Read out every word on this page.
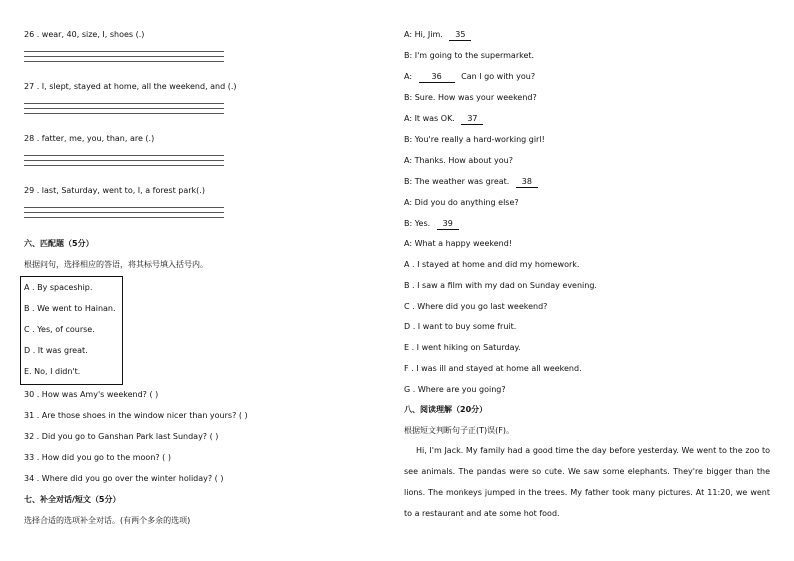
26 . wear, 40, size, I, shoes (.)
27 . I, slept, stayed at home, all the weekend, and (.)
28 . fatter, me, you, than, are (.)
29 . last, Saturday, went to, I, a forest park(.)
六、匹配题（5分）
根据问句，选择相应的答语，将其标号填入括号内。
A . By spaceship.
B . We went to Hainan.
C . Yes, of course.
D . It was great.
E. No, I didn't.
30 . How was Amy's weekend? ( )
31 . Are those shoes in the window nicer than yours? ( )
32 . Did you go to Ganshan Park last Sunday? ( )
33 . How did you go to the moon? ( )
34 . Where did you go over the winter holiday? ( )
七、补全对话/短文（5分）
选择合适的选项补全对话。(有两个多余的选项)
A: Hi, Jim. 35
B: I'm going to the supermarket.
A: 36 Can I go with you?
B: Sure. How was your weekend?
A: It was OK. 37
B: You're really a hard-working girl!
A: Thanks. How about you?
B: The weather was great. 38
A: Did you do anything else?
B: Yes. 39
A: What a happy weekend!
A . I stayed at home and did my homework.
B . I saw a film with my dad on Sunday evening.
C . Where did you go last weekend?
D . I want to buy some fruit.
E . I went hiking on Saturday.
F . I was ill and stayed at home all weekend.
G . Where are you going?
八、阅读理解（20分）
根据短文判断句子正(T)误(F)。
Hi, I'm Jack. My family had a good time the day before yesterday. We went to the zoo to see animals. The pandas were so cute. We saw some elephants. They're bigger than the lions. The monkeys jumped in the trees. My father took many pictures. At 11:20, we went to a restaurant and ate some hot food.
